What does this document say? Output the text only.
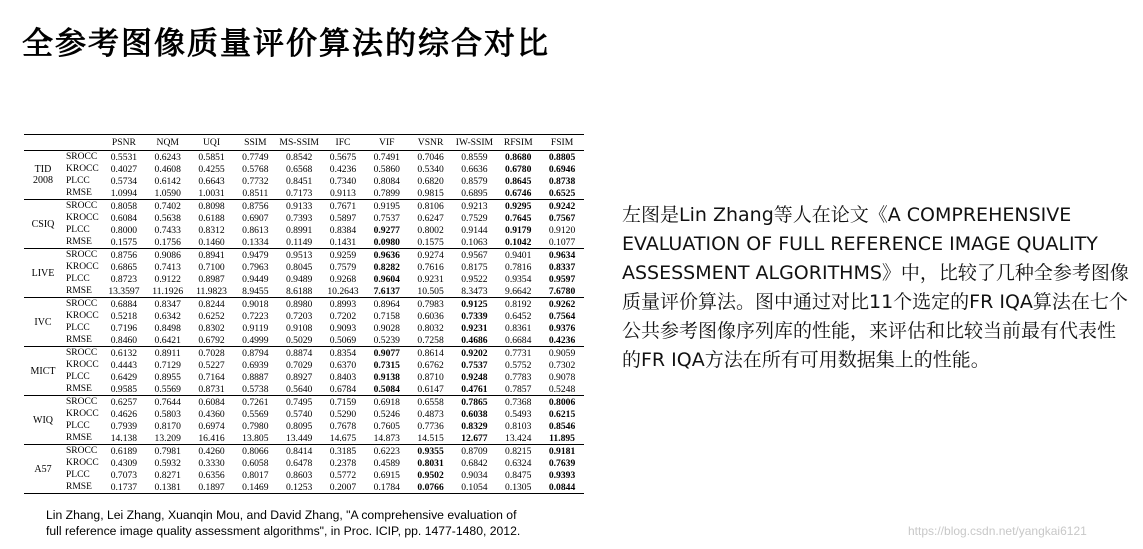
全参考图像质量评价算法的综合对比
		PSNR	NQM	UQI	SSIM	MS-SSIM	IFC	VIF	VSNR	IW-SSIM	RFSIM	FSIM
TID
2008	SROCC	0.5531	0.6243	0.5851	0.7749	0.8542	0.5675	0.7491	0.7046	0.8559	0.8680	0.8805
	KROCC	0.4027	0.4608	0.4255	0.5768	0.6568	0.4236	0.5860	0.5340	0.6636	0.6780	0.6946
	PLCC	0.5734	0.6142	0.6643	0.7732	0.8451	0.7340	0.8084	0.6820	0.8579	0.8645	0.8738
	RMSE	1.0994	1.0590	1.0031	0.8511	0.7173	0.9113	0.7899	0.9815	0.6895	0.6746	0.6525
CSIQ	SROCC	0.8058	0.7402	0.8098	0.8756	0.9133	0.7671	0.9195	0.8106	0.9213	0.9295	0.9242
	KROCC	0.6084	0.5638	0.6188	0.6907	0.7393	0.5897	0.7537	0.6247	0.7529	0.7645	0.7567
	PLCC	0.8000	0.7433	0.8312	0.8613	0.8991	0.8384	0.9277	0.8002	0.9144	0.9179	0.9120
	RMSE	0.1575	0.1756	0.1460	0.1334	0.1149	0.1431	0.0980	0.1575	0.1063	0.1042	0.1077
LIVE	SROCC	0.8756	0.9086	0.8941	0.9479	0.9513	0.9259	0.9636	0.9274	0.9567	0.9401	0.9634
	KROCC	0.6865	0.7413	0.7100	0.7963	0.8045	0.7579	0.8282	0.7616	0.8175	0.7816	0.8337
	PLCC	0.8723	0.9122	0.8987	0.9449	0.9489	0.9268	0.9604	0.9231	0.9522	0.9354	0.9597
	RMSE	13.3597	11.1926	11.9823	8.9455	8.6188	10.2643	7.6137	10.505	8.3473	9.6642	7.6780
IVC	SROCC	0.6884	0.8347	0.8244	0.9018	0.8980	0.8993	0.8964	0.7983	0.9125	0.8192	0.9262
	KROCC	0.5218	0.6342	0.6252	0.7223	0.7203	0.7202	0.7158	0.6036	0.7339	0.6452	0.7564
	PLCC	0.7196	0.8498	0.8302	0.9119	0.9108	0.9093	0.9028	0.8032	0.9231	0.8361	0.9376
	RMSE	0.8460	0.6421	0.6792	0.4999	0.5029	0.5069	0.5239	0.7258	0.4686	0.6684	0.4236
MICT	SROCC	0.6132	0.8911	0.7028	0.8794	0.8874	0.8354	0.9077	0.8614	0.9202	0.7731	0.9059
	KROCC	0.4443	0.7129	0.5227	0.6939	0.7029	0.6370	0.7315	0.6762	0.7537	0.5752	0.7302
	PLCC	0.6429	0.8955	0.7164	0.8887	0.8927	0.8403	0.9138	0.8710	0.9248	0.7783	0.9078
	RMSE	0.9585	0.5569	0.8731	0.5738	0.5640	0.6784	0.5084	0.6147	0.4761	0.7857	0.5248
WIQ	SROCC	0.6257	0.7644	0.6084	0.7261	0.7495	0.7159	0.6918	0.6558	0.7865	0.7368	0.8006
	KROCC	0.4626	0.5803	0.4360	0.5569	0.5740	0.5290	0.5246	0.4873	0.6038	0.5493	0.6215
	PLCC	0.7939	0.8170	0.6974	0.7980	0.8095	0.7678	0.7605	0.7736	0.8329	0.8103	0.8546
	RMSE	14.138	13.209	16.416	13.805	13.449	14.675	14.873	14.515	12.677	13.424	11.895
A57	SROCC	0.6189	0.7981	0.4260	0.8066	0.8414	0.3185	0.6223	0.9355	0.8709	0.8215	0.9181
	KROCC	0.4309	0.5932	0.3330	0.6058	0.6478	0.2378	0.4589	0.8031	0.6842	0.6324	0.7639
	PLCC	0.7073	0.8271	0.6356	0.8017	0.8603	0.5772	0.6915	0.9502	0.9034	0.8475	0.9393
	RMSE	0.1737	0.1381	0.1897	0.1469	0.1253	0.2007	0.1784	0.0766	0.1054	0.1305	0.0844
Lin Zhang, Lei Zhang, Xuanqin Mou, and David Zhang, "A comprehensive evaluation of
full reference image quality assessment algorithms", in Proc. ICIP, pp. 1477-1480, 2012.
左图是Lin Zhang等人在论文《A COMPREHENSIVE EVALUATION OF FULL REFERENCE IMAGE QUALITY ASSESSMENT ALGORITHMS》中，比较了几种全参考图像质量评价算法。图中通过对比11个选定的FR IQA算法在七个公共参考图像序列库的性能，来评估和比较当前最有代表性的FR IQA方法在所有可用数据集上的性能。
https://blog.csdn.net/yangkai6121
